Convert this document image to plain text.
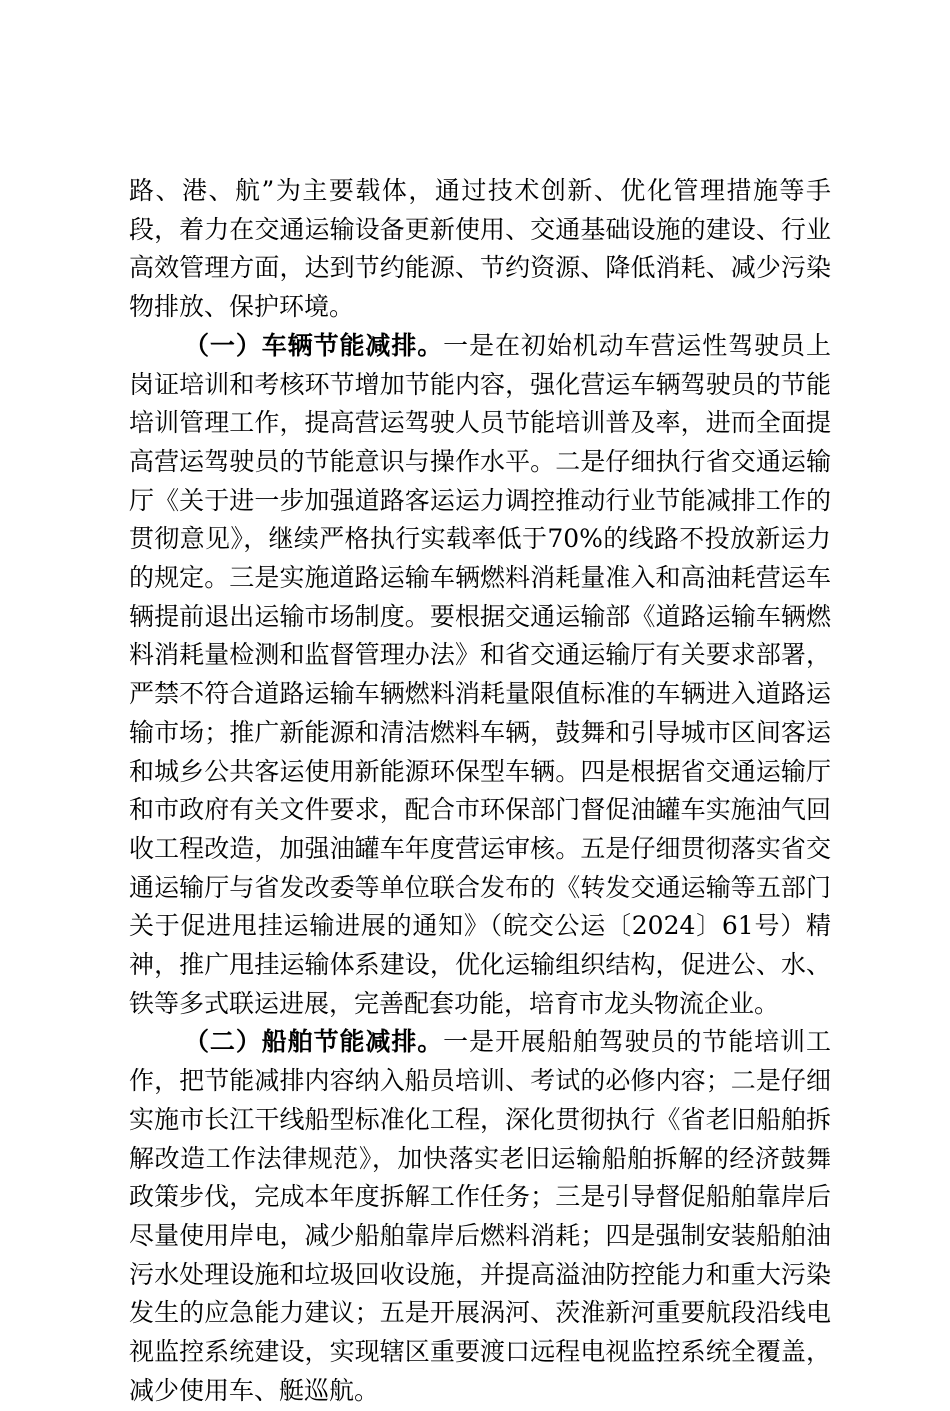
路、港、航”为主要载体，通过技术创新、优化管理措施等手段，着力在交通运输设备更新使用、交通基础设施的建设、行业高效管理方面，达到节约能源、节约资源、降低消耗、减少污染物排放、保护环境。

（一）车辆节能减排。一是在初始机动车营运性驾驶员上岗证培训和考核环节增加节能内容，强化营运车辆驾驶员的节能培训管理工作，提高营运驾驶人员节能培训普及率，进而全面提高营运驾驶员的节能意识与操作水平。二是仔细执行省交通运输厅《关于进一步加强道路客运运力调控推动行业节能减排工作的贯彻意见》，继续严格执行实载率低于70%的线路不投放新运力的规定。三是实施道路运输车辆燃料消耗量准入和高油耗营运车辆提前退出运输市场制度。要根据交通运输部《道路运输车辆燃料消耗量检测和监督管理办法》和省交通运输厅有关要求部署，严禁不符合道路运输车辆燃料消耗量限值标准的车辆进入道路运输市场；推广新能源和清洁燃料车辆，鼓舞和引导城市区间客运和城乡公共客运使用新能源环保型车辆。四是根据省交通运输厅和市政府有关文件要求，配合市环保部门督促油罐车实施油气回收工程改造，加强油罐车年度营运审核。五是仔细贯彻落实省交通运输厅与省发改委等单位联合发布的《转发交通运输等五部门关于促进甩挂运输进展的通知》（皖交公运〔2024〕61号）精神，推广甩挂运输体系建设，优化运输组织结构，促进公、水、铁等多式联运进展，完善配套功能，培育市龙头物流企业。

（二）船舶节能减排。一是开展船舶驾驶员的节能培训工作，把节能减排内容纳入船员培训、考试的必修内容；二是仔细实施市长江干线船型标准化工程，深化贯彻执行《省老旧船舶拆解改造工作法律规范》，加快落实老旧运输船舶拆解的经济鼓舞政策步伐，完成本年度拆解工作任务；三是引导督促船舶靠岸后尽量使用岸电，减少船舶靠岸后燃料消耗；四是强制安装船舶油污水处理设施和垃圾回收设施，并提高溢油防控能力和重大污染发生的应急能力建议；五是开展涡河、茨淮新河重要航段沿线电视监控系统建设，实现辖区重要渡口远程电视监控系统全覆盖，减少使用车、艇巡航。
